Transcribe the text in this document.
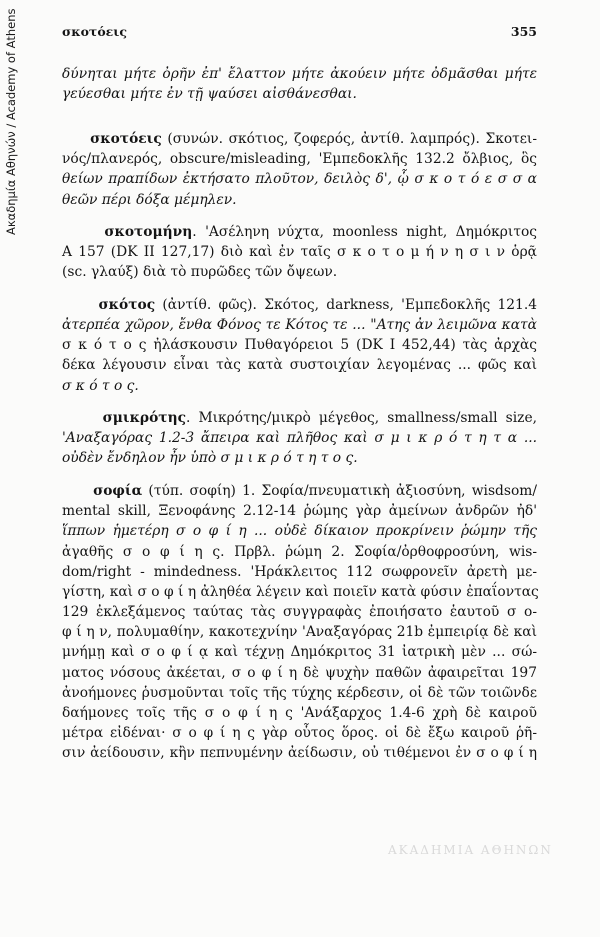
σκοτόεις	355
Ακαδημία Αθηνών / Academy of Athens	δύνηται μήτε ὀρῆν ἐπ' ἔλαττον μήτε ἀκούειν μήτε ὀδμᾶσθαι μήτε
γεύεσθαι μήτε ἐν τῇ ψαύσει αἰσθάνεσθαι.
σκοτόεις (συνών. σκότιος, ζοφερός, ἀντίθ. λαμπρός). Σκοτει-
νός/πλανερός, obscure/misleading, 'Εμπεδοκλῆς 132.2 ὄλβιος, ὃς
θείων πραπίδων ἐκτήσατο πλοῦτον, δειλὸς δ', ᾧ σ κ ο τ ό ε σ σ α
θεῶν πέρι δόξα μέμηλεν.
σκοτομήνη. 'Ασέληνη νύχτα, moonless night, Δημόκριτος
Α 157 (DK II 127,17) διὸ καὶ ἐν ταῖς σ κ ο τ ο μ ή ν η σ ι ν ὁρᾷ
(sc. γλαύξ) διὰ τὸ πυρῶδες τῶν ὄψεων.
σκότος (ἀντίθ. φῶς). Σκότος, darkness, 'Εμπεδοκλῆς 121.4
ἀτερπέα χῶρον, ἔνθα Φόνος τε Κότος τε ... "Ατης ἀν λειμῶνα κατὰ
σ κ ό τ ο ς ἠλάσκουσιν Πυθαγόρειοι 5 (DK I 452,44) τὰς ἀρχὰς
δέκα λέγουσιν εἶναι τὰς κατὰ συστοιχίαν λεγομένας ... φῶς καὶ
σ κ ό τ ο ς.
σμικρότης. Μικρότης/μικρὸ μέγεθος, smallness/small size,
'Αναξαγόρας 1.2-3 ἄπειρα καὶ πλῆθος καὶ σ μ ι κ ρ ό τ η τ α ...
οὐδὲν ἔνδηλον ἦν ὑπὸ σ μ ι κ ρ ό τ η τ ο ς.
σοφία (τύπ. σοφίη) 1. Σοφία/πνευματικὴ ἀξιοσύνη, wisdsom/
mental skill, Ξενοφάνης 2.12-14 ῥώμης γὰρ ἀμείνων ἀνδρῶν ἠδ'
ἵππων ἡμετέρη σ ο φ ί η ... οὐδὲ δίκαιον προκρίνειν ῥώμην τῆς
ἀγαθῆς σ ο φ ί η ς. Πρβλ. ῥώμη 2. Σοφία/ὀρθοφροσύνη, wis-
dom/right - mindedness. 'Ηράκλειτος 112 σωφρονεῖν ἀρετὴ με-
γίστη, καὶ σ ο φ ί η ἀληθέα λέγειν καὶ ποιεῖν κατὰ φύσιν ἐπαΐοντας
129 ἐκλεξάμενος ταύτας τὰς συγγραφὰς ἐποιήσατο ἑαυτοῦ σ ο-
φ ί η ν, πολυμαθίην, κακοτεχνίην 'Αναξαγόρας 21b ἐμπειρίᾳ δὲ καὶ
μνήμῃ καὶ σ ο φ ί ᾳ καὶ τέχνῃ Δημόκριτος 31 ἰατρικὴ μὲν ... σώ-
ματος νόσους ἀκέεται, σ ο φ ί η δὲ ψυχὴν παθῶν ἀφαιρεῖται 197
ἀνοήμονες ῥυσμοῦνται τοῖς τῆς τύχης κέρδεσιν, οἱ δὲ τῶν τοιῶνδε
δαήμονες τοῖς τῆς σ ο φ ί η ς 'Ανάξαρχος 1.4-6 χρὴ δὲ καιροῦ
μέτρα εἰδέναι· σ ο φ ί η ς γὰρ οὗτος ὅρος. οἱ δὲ ἔξω καιροῦ ῥῆ-
σιν ἀείδουσιν, κἢν πεπνυμένην ἀείδωσιν, οὐ τιθέμενοι ἐν σ ο φ ί η
ΑΚΑΔΗΜΙΑ ΑΘΗΝΩΝ
